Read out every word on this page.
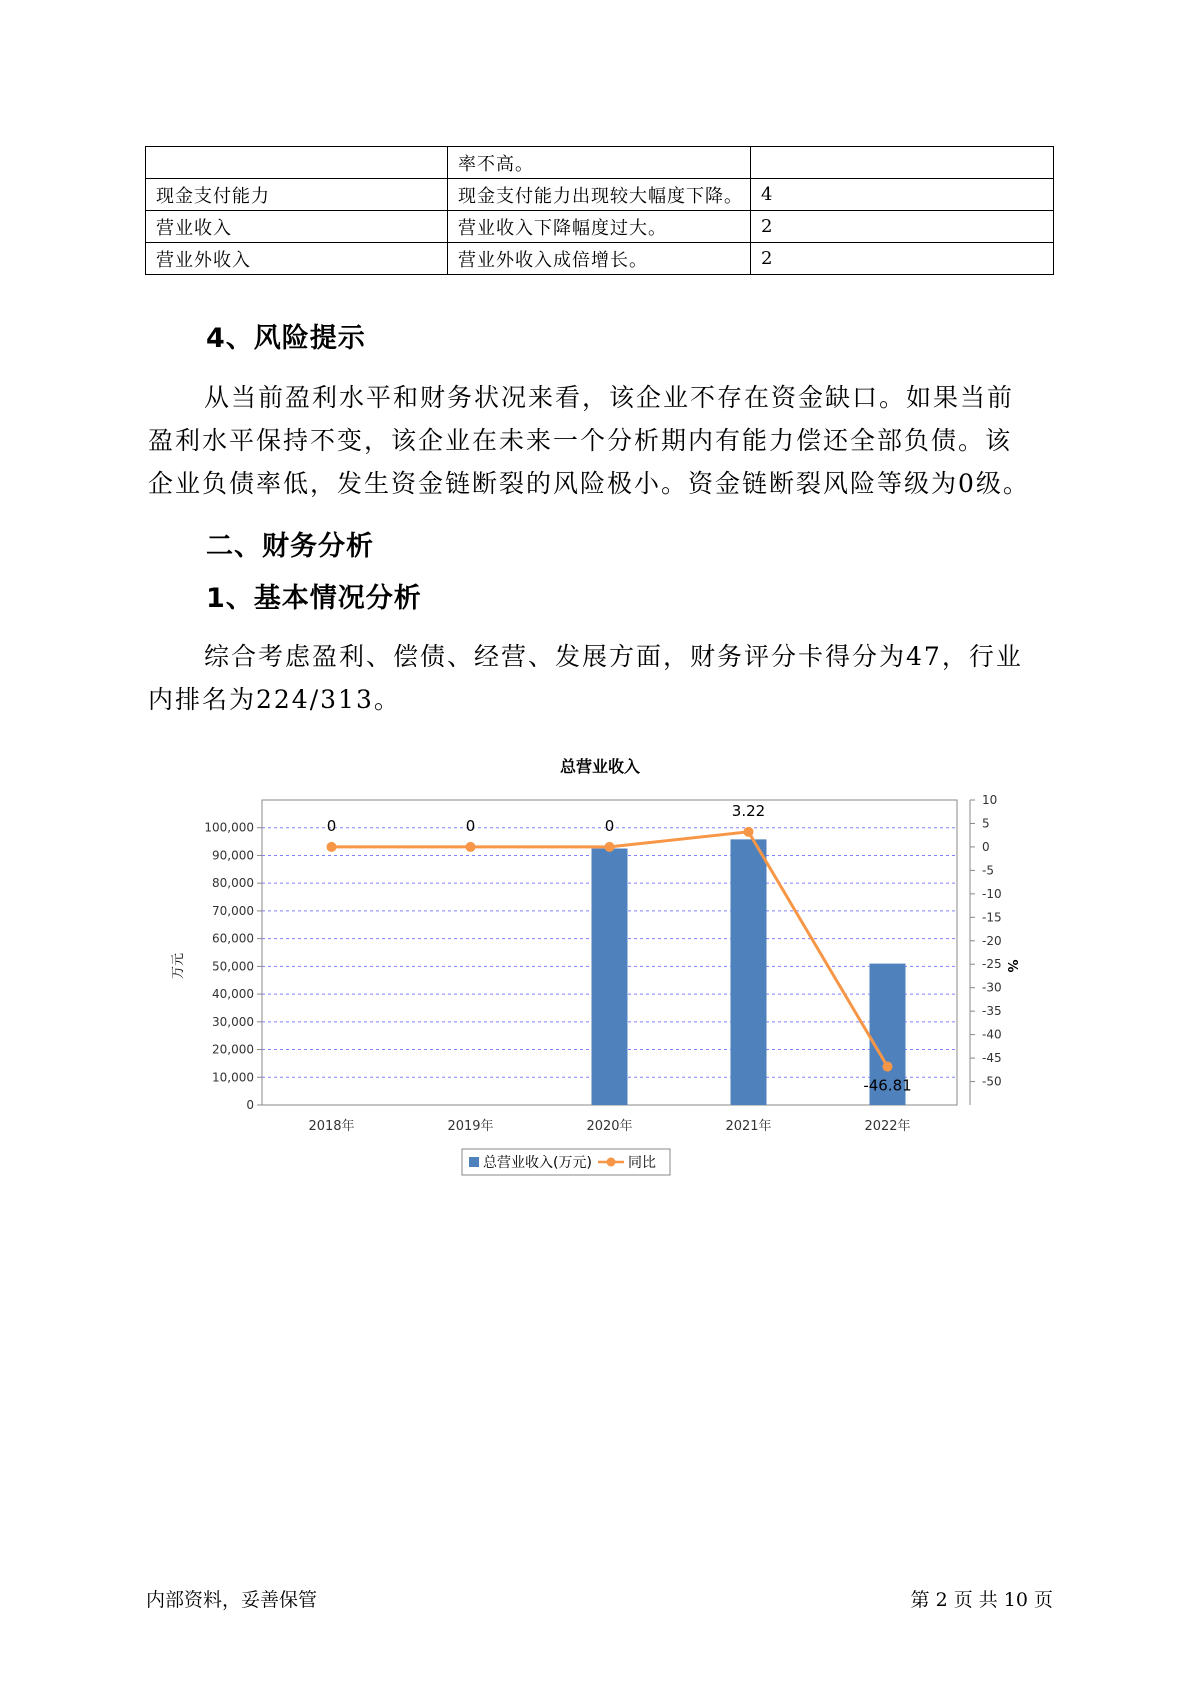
	率不高。	
现金支付能力	现金支付能力出现较大幅度下降。	4
营业收入	营业收入下降幅度过大。	2
营业外收入	营业外收入成倍增长。	2
4、风险提示
从当前盈利水平和财务状况来看，该企业不存在资金缺口。如果当前
盈利水平保持不变，该企业在未来一个分析期内有能力偿还全部负债。该
企业负债率低，发生资金链断裂的风险极小。资金链断裂风险等级为0级。
二、财务分析
1、基本情况分析
综合考虑盈利、偿债、经营、发展方面，财务评分卡得分为47，行业
内排名为224/313。
总营业收入
0
10,000
20,000
30,000
40,000
50,000
60,000
70,000
80,000
90,000
100,000
10
5
0
-5
-10
-15
-20
-25
-30
-35
-40
-45
-50
0	0	0
3.22
-46.81
2018年	2019年	2020年	2021年	2022年
万元	%
总营业收入(万元)	同比
内部资料，妥善保管	第 2 页 共 10 页
